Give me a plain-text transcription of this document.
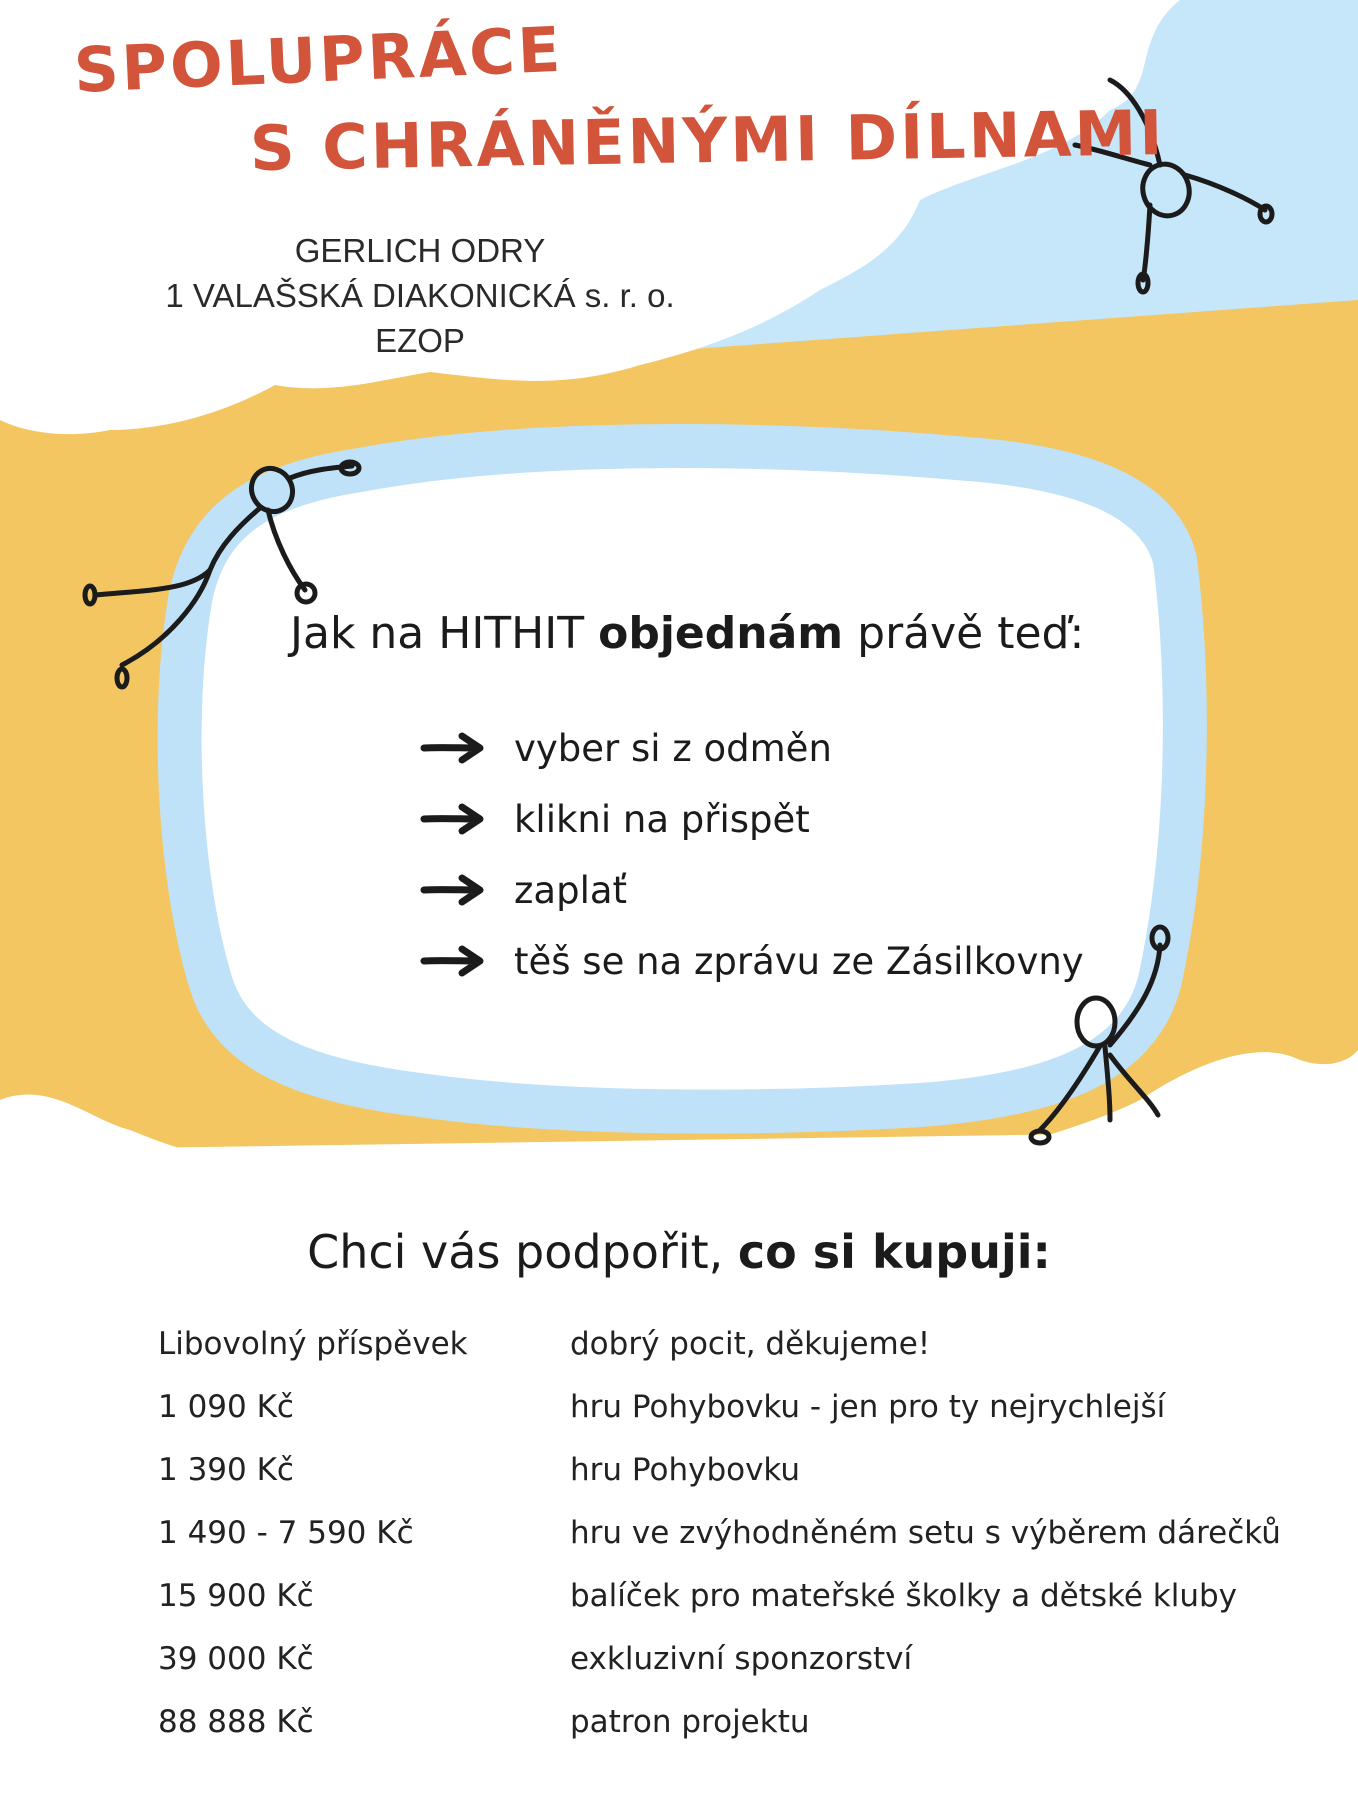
SPOLUPRÁCE
S CHRÁNĚNÝMI DÍLNAMI
GERLICH ODRY
1 VALAŠSKÁ DIAKONICKÁ s. r. o.
EZOP
Jak na HITHIT objednám právě teď:
vyber si z odměn
klikni na přispět
zaplať
těš se na zprávu ze Zásilkovny
Chci vás podpořit, co si kupuji:
Libovolný příspěvek	dobrý pocit, děkujeme!
1 090 Kč	hru Pohybovku - jen pro ty nejrychlejší
1 390 Kč	hru Pohybovku
1 490 - 7 590 Kč	hru ve zvýhodněném setu s výběrem dárečků
15 900 Kč	balíček pro mateřské školky a dětské kluby
39 000 Kč	exkluzivní sponzorství
88 888 Kč	patron projektu
